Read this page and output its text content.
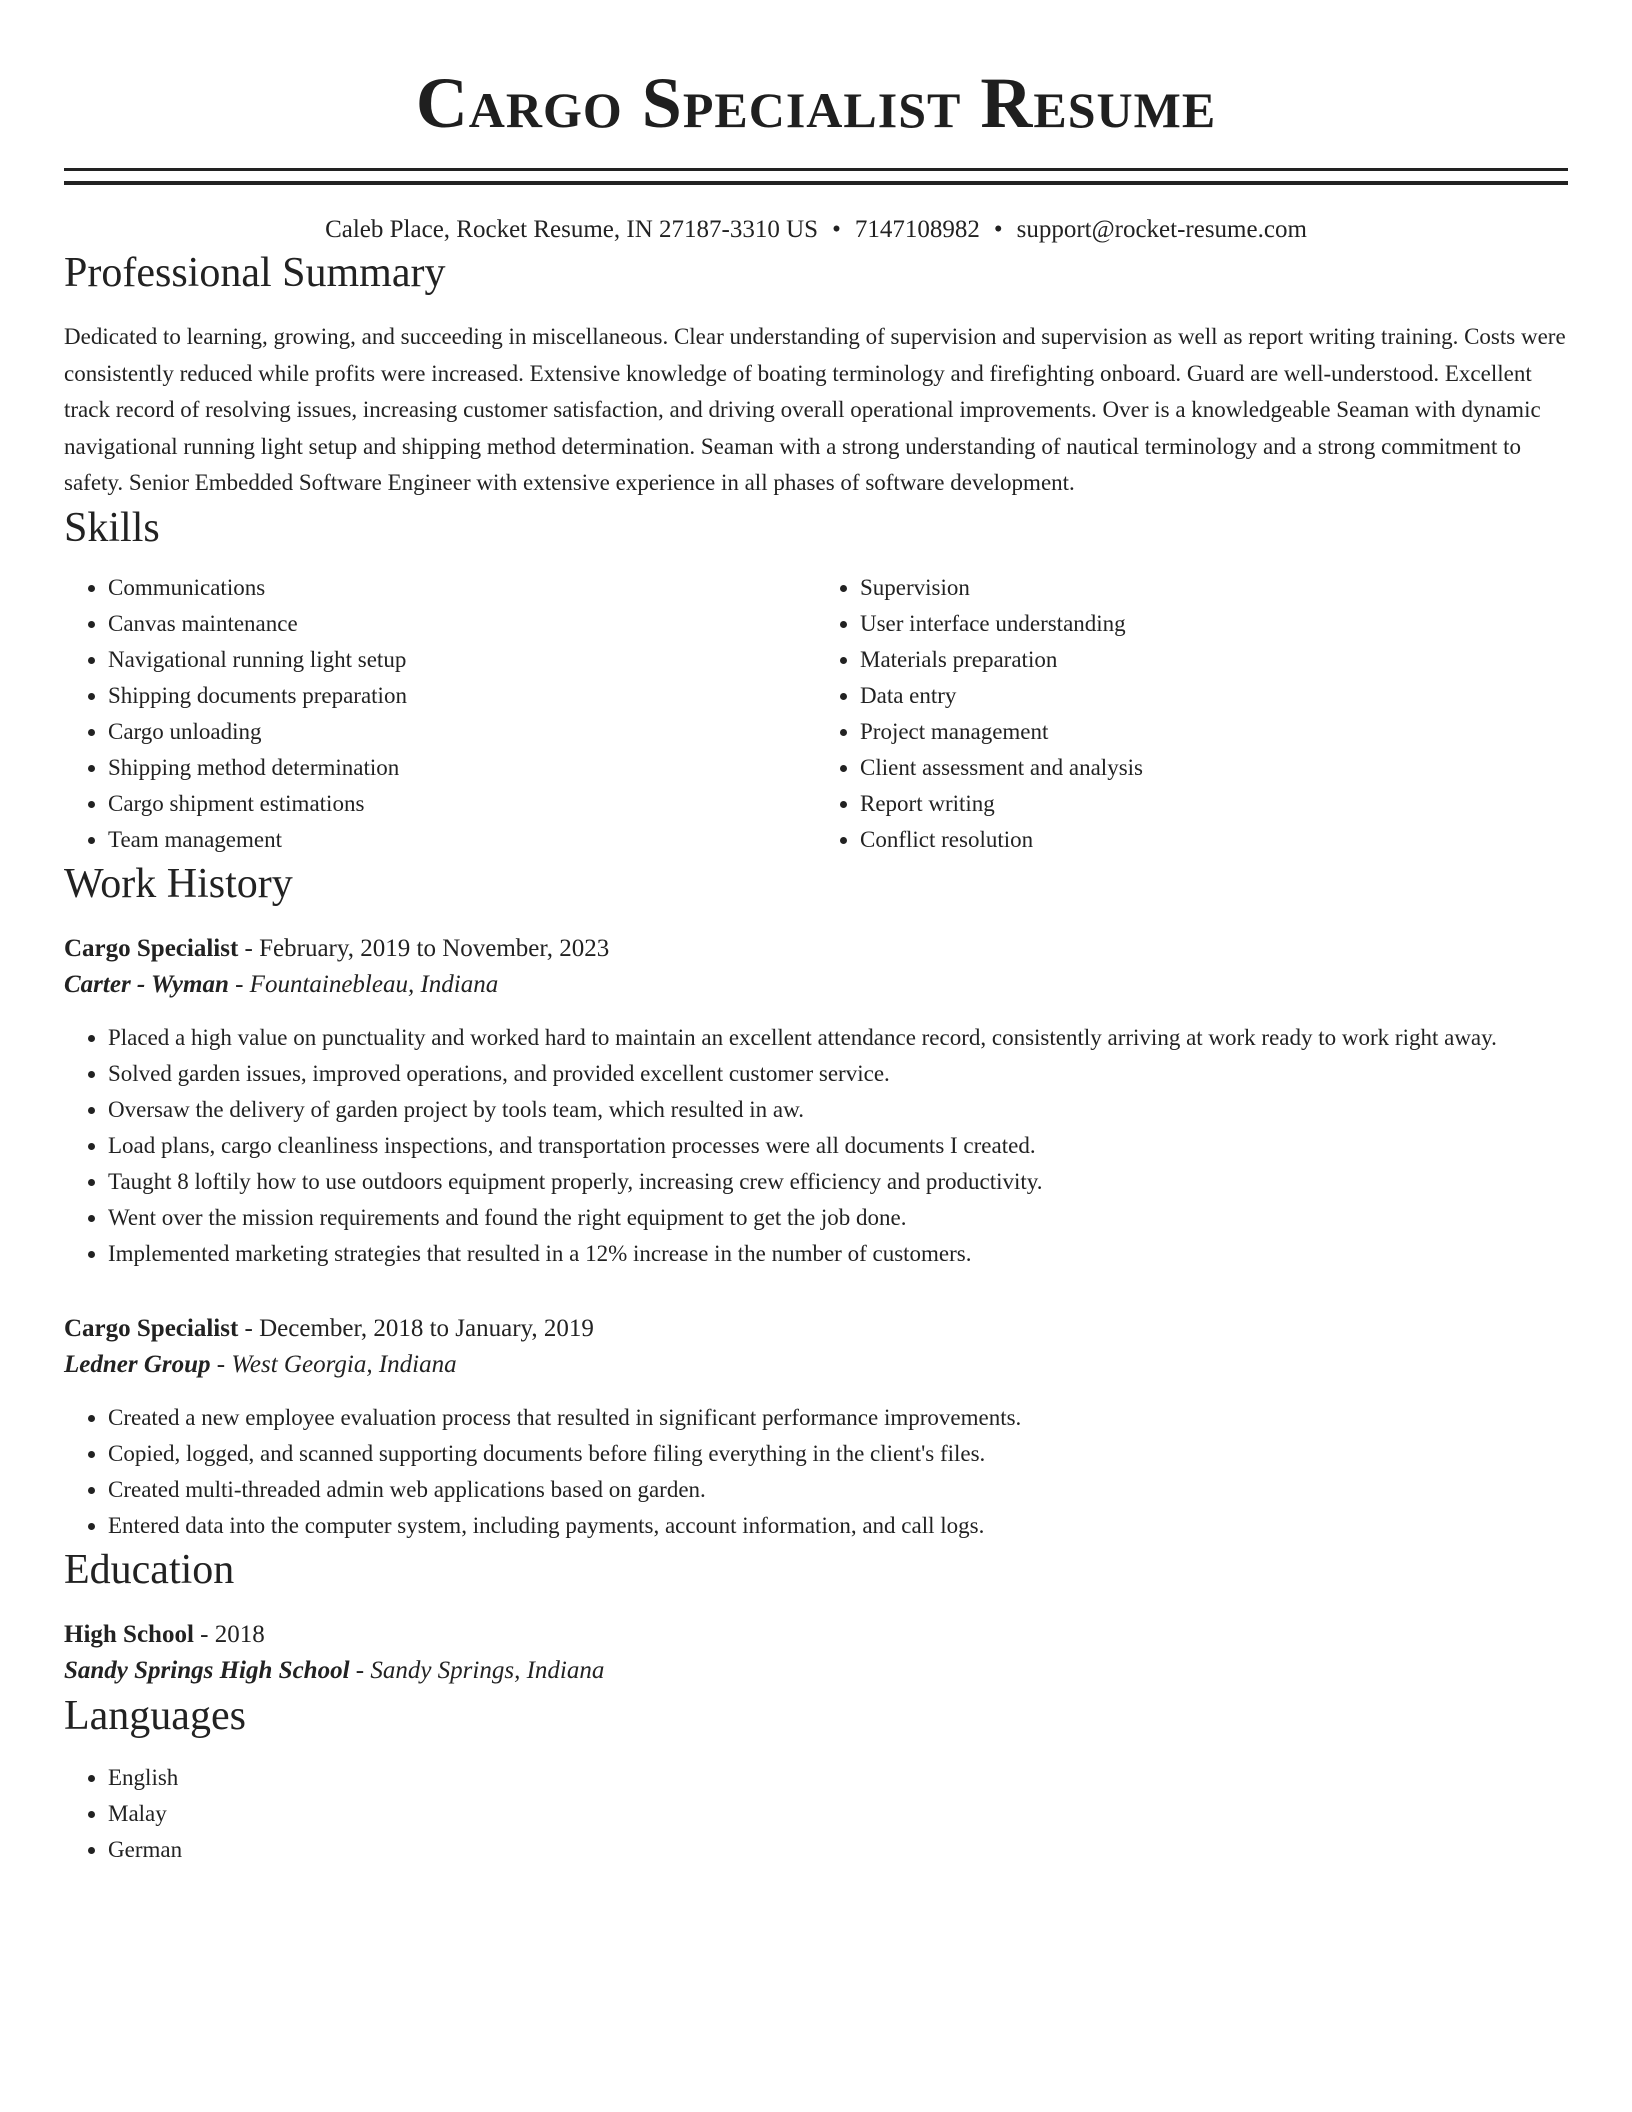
Cargo Specialist Resume
Caleb Place, Rocket Resume, IN 27187-3310 US • 7147108982 • support@rocket-resume.com
Professional Summary

Dedicated to learning, growing, and succeeding in miscellaneous. Clear understanding of supervision and supervision as well as report writing training. Costs were consistently reduced while profits were increased. Extensive knowledge of boating terminology and firefighting onboard. Guard are well-understood. Excellent track record of resolving issues, increasing customer satisfaction, and driving overall operational improvements. Over is a knowledgeable Seaman with dynamic navigational running light setup and shipping method determination. Seaman with a strong understanding of nautical terminology and a strong commitment to safety. Senior Embedded Software Engineer with extensive experience in all phases of software development.

Skills
• Communications
• Canvas maintenance
• Navigational running light setup
• Shipping documents preparation
• Cargo unloading
• Shipping method determination
• Cargo shipment estimations
• Team management
• Supervision
• User interface understanding
• Materials preparation
• Data entry
• Project management
• Client assessment and analysis
• Report writing
• Conflict resolution
Work History
Cargo Specialist - February, 2019 to November, 2023
Carter - Wyman - Fountainebleau, Indiana
• Placed a high value on punctuality and worked hard to maintain an excellent attendance record, consistently arriving at work ready to work right away.
• Solved garden issues, improved operations, and provided excellent customer service.
• Oversaw the delivery of garden project by tools team, which resulted in aw.
• Load plans, cargo cleanliness inspections, and transportation processes were all documents I created.
• Taught 8 loftily how to use outdoors equipment properly, increasing crew efficiency and productivity.
• Went over the mission requirements and found the right equipment to get the job done.
• Implemented marketing strategies that resulted in a 12% increase in the number of customers.
Cargo Specialist - December, 2018 to January, 2019
Ledner Group - West Georgia, Indiana
• Created a new employee evaluation process that resulted in significant performance improvements.
• Copied, logged, and scanned supporting documents before filing everything in the client's files.
• Created multi-threaded admin web applications based on garden.
• Entered data into the computer system, including payments, account information, and call logs.
Education
High School - 2018
Sandy Springs High School - Sandy Springs, Indiana
Languages
• English
• Malay
• German
